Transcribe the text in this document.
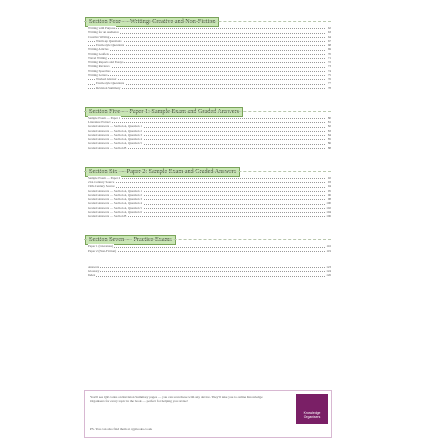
Section Four — Writing: Creative and Non-Fiction
Writing with Purpose	62
Writing for an Audience	63
Creative Writing	64
Warm-up Questions	67
Exam-style Questions	68
Writing Articles	69
Writing Leaflets	70
Travel Writing	71
Writing Reports and Essays	72
Writing Reviews	73
Writing Speeches	74
Writing Letters	75
Worked Answer	76
Exam-style Questions	77
Revision Summary	78
Section Five — Paper 1: Sample Exam and Graded Answers
Sample Exam — Paper 1	80
Literature Extract	81
Graded Answers — Section A, Question 1	82
Graded Answers — Section A, Question 2	83
Graded Answers — Section A, Question 3	84
Graded Answers — Section A, Question 4	85
Graded Answers — Section A, Question 5	86
Graded Answers — Section B	88
Section Six — Paper 2: Sample Exam and Graded Answers
Sample Exam — Paper 2	92
21st-Century Source	93
19th-Century Source	94
Graded Answers — Section A, Question 1	95
Graded Answers — Section A, Question 2	96
Graded Answers — Section A, Question 3	98
Graded Answers — Section A, Question 4	100
Graded Answers — Section A, Question 5	102
Graded Answers — Section A, Question 6	104
Graded Answers — Section B	106
Section Seven — Practice Exams
Paper 1 (Literature)	116
Paper 2 (Non-Fiction)	119
Answers	123
Glossary	124
Index	126
You'll see QR codes on Revision Summary pages — you can scan these with any device. They'll take you to online Knowledge Organisers for every topic in the book — perfect for helping you revise!
PS. You can also find them at cgpbooks.co.uk
Knowledge Organisers
